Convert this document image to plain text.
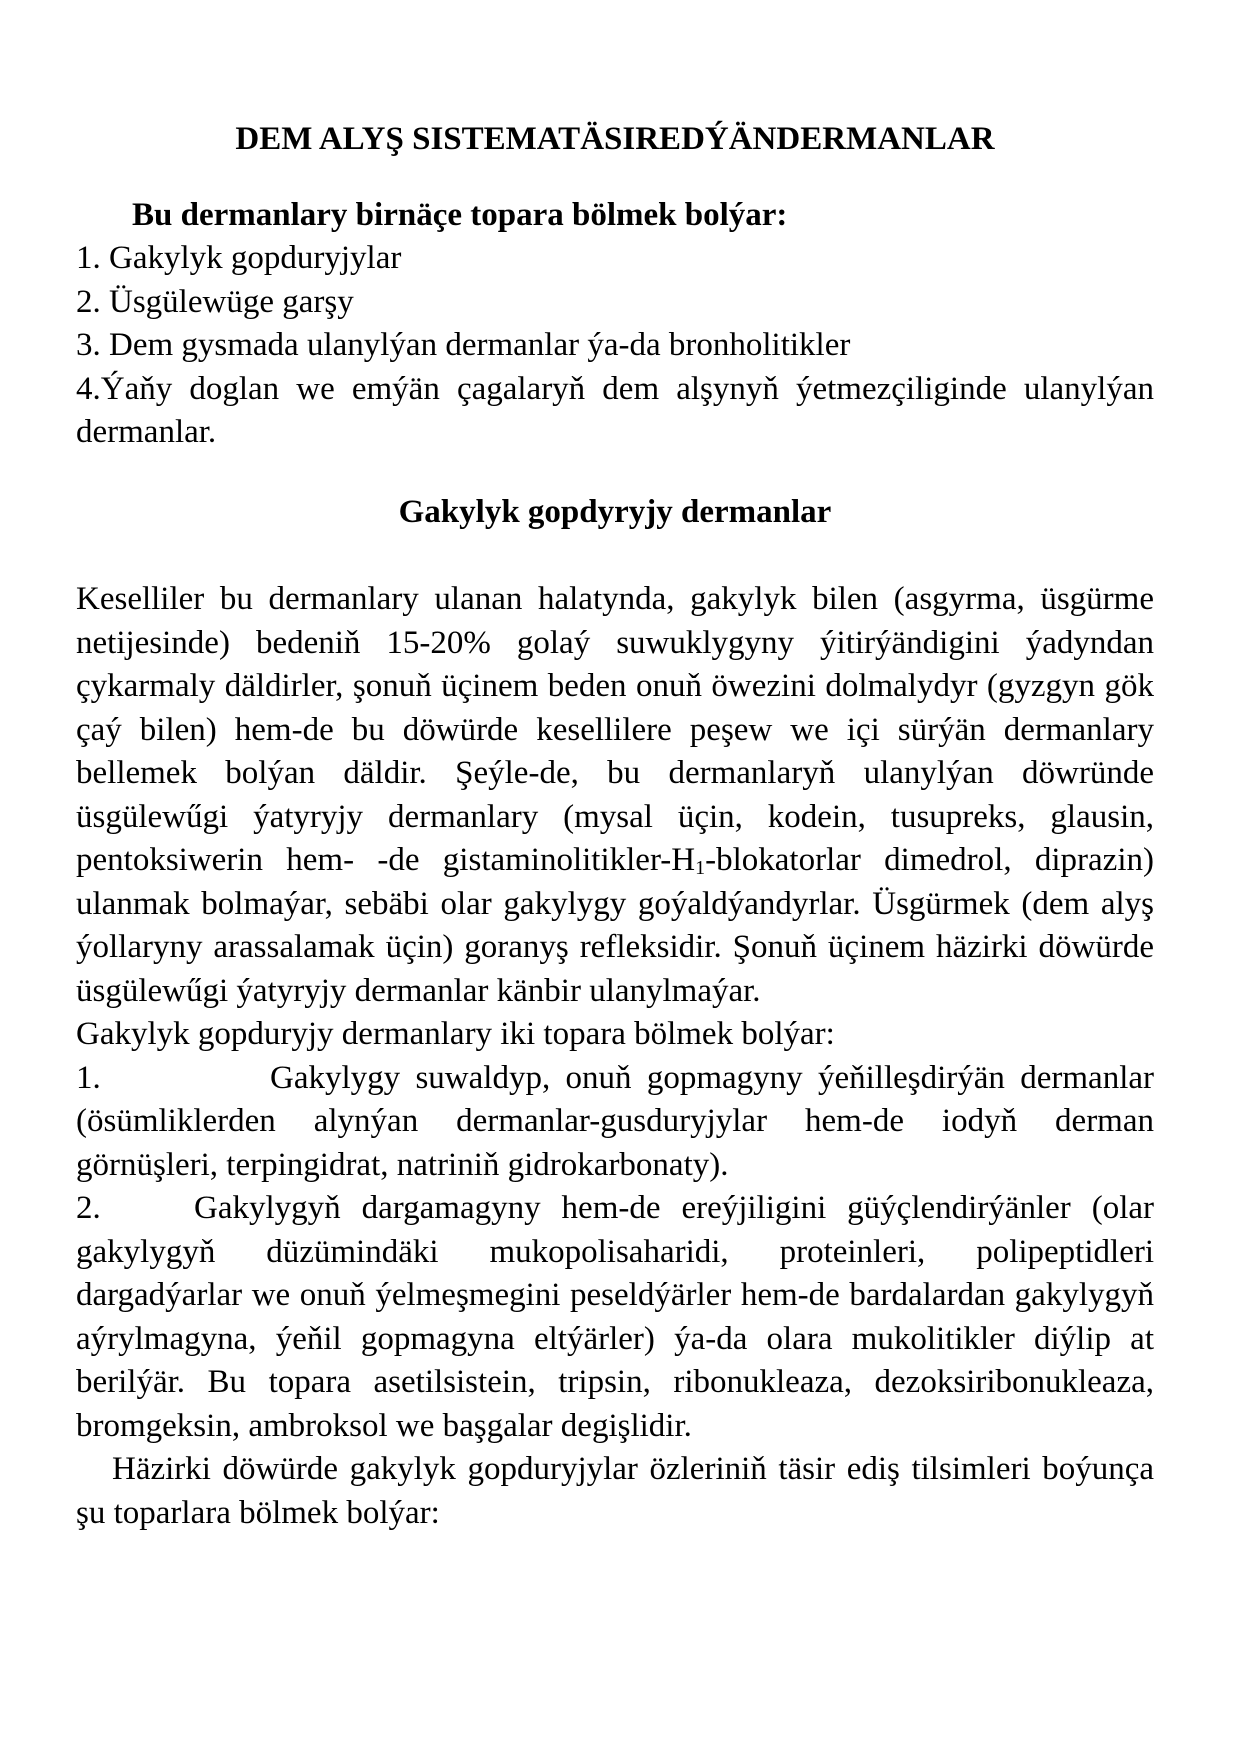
DEM ALYŞ SISTEMATÄSIREDÝÄNDERMANLAR

Bu dermanlary birnäçe topara bölmek bolýar:

1. Gakylyk gopduryjylar

2. Üsgülewüge garşy

3. Dem gysmada ulanylýan dermanlar ýa-da bronholitikler

4.Ýaňy doglan we emýän çagalaryň dem alşynyň ýetmezçiliginde ulanylýan dermanlar.

Gakylyk gopdyryjy dermanlar

Keselliler bu dermanlary ulanan halatynda, gakylyk bilen (asgyrma, üsgürme netijesinde) bedeniň 15-20% golaý suwuklygyny ýitirýändigini ýadyndan çykarmaly däldirler, şonuň üçinem beden onuň öwezini dolmalydyr (gyzgyn gök çaý bilen) hem-de bu döwürde kesellilere peşew we içi sürýän dermanlary bellemek bolýan däldir. Şeýle-de, bu dermanlaryň ulanylýan döwründe üsgülewűgi ýatyryjy dermanlary (mysal üçin, kodein, tusupreks, glausin, pentoksiwerin hem- -de gistaminolitikler-$H_1$-blokatorlar dimedrol, diprazin) ulanmak bolmaýar, sebäbi olar gakylygy goýaldýandyrlar. Üsgürmek (dem alyş ýollaryny arassalamak üçin) goranyş refleksidir. Şonuň üçinem häzirki döwürde üsgülewűgi ýatyryjy dermanlar känbir ulanylmaýar.

Gakylyk gopduryjy dermanlary iki topara bölmek bolýar:

1.	Gakylygy suwaldyp, onuň gopmagyny ýeňilleşdirýän dermanlar (ösümliklerden alynýan dermanlar-gusduryjylar hem-de iodyň derman görnüşleri, terpingidrat, natriniň gidrokarbonaty).

2.	Gakylygyň dargamagyny hem-de ereýjiligini güýçlendirýänler (olar gakylygyň düzümindäki mukopolisaharidi, proteinleri, polipeptidleri dargadýarlar we onuň ýelmeşmegini peseldýärler hem-de bardalardan gakylygyň aýrylmagyna, ýeňil gopmagyna eltýärler) ýa-da olara mukolitikler diýlip at berilýär. Bu topara asetilsistein, tripsin, ribonukleaza, dezoksiribonukleaza, bromgeksin, ambroksol we başgalar degişlidir.

Häzirki döwürde gakylyk gopduryjylar özleriniň täsir ediş tilsimleri boýunça şu toparlara bölmek bolýar:
